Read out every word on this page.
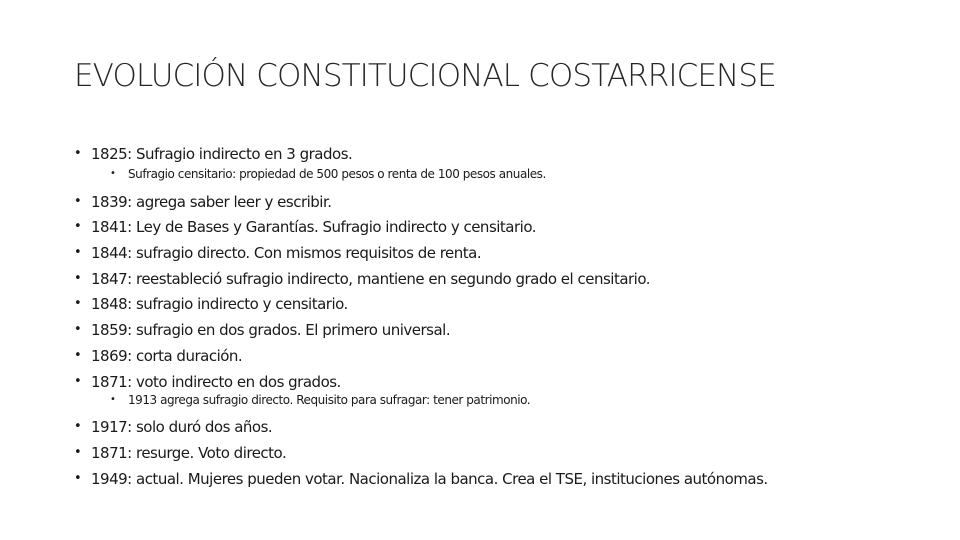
EVOLUCIÓN CONSTITUCIONAL COSTARRICENSE
• 1825: Sufragio indirecto en 3 grados.
• Sufragio censitario: propiedad de 500 pesos o renta de 100 pesos anuales.
• 1839: agrega saber leer y escribir.
• 1841: Ley de Bases y Garantías. Sufragio indirecto y censitario.
• 1844: sufragio directo. Con mismos requisitos de renta.
• 1847: reestableció sufragio indirecto, mantiene en segundo grado el censitario.
• 1848: sufragio indirecto y censitario.
• 1859: sufragio en dos grados. El primero universal.
• 1869: corta duración.
• 1871: voto indirecto en dos grados.
• 1913 agrega sufragio directo. Requisito para sufragar: tener patrimonio.
• 1917: solo duró dos años.
• 1871: resurge. Voto directo.
• 1949: actual. Mujeres pueden votar. Nacionaliza la banca. Crea el TSE, instituciones autónomas.
